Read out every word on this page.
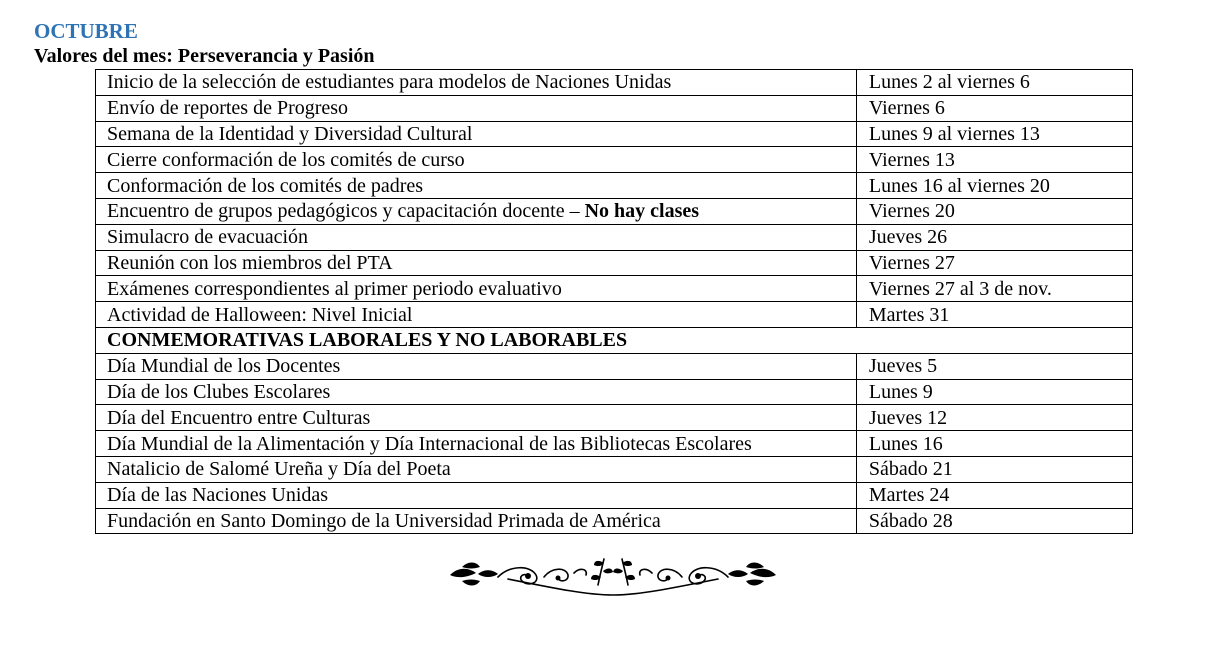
OCTUBRE

Valores del mes: Perseverancia y Pasión

Inicio de la selección de estudiantes para modelos de Naciones Unidas	Lunes 2 al viernes 6
Envío de reportes de Progreso	Viernes 6
Semana de la Identidad y Diversidad Cultural	Lunes 9 al viernes 13
Cierre conformación de los comités de curso	Viernes 13
Conformación de los comités de padres	Lunes 16 al viernes 20
Encuentro de grupos pedagógicos y capacitación docente – No hay clases	Viernes 20
Simulacro de evacuación	Jueves 26
Reunión con los miembros del PTA	Viernes 27
Exámenes correspondientes al primer periodo evaluativo	Viernes 27 al 3 de nov.
Actividad de Halloween: Nivel Inicial	Martes 31
CONMEMORATIVAS LABORALES Y NO LABORABLES	
Día Mundial de los Docentes	Jueves 5
Día de los Clubes Escolares	Lunes 9
Día del Encuentro entre Culturas	Jueves 12
Día Mundial de la Alimentación y Día Internacional de las Bibliotecas Escolares	Lunes 16
Natalicio de Salomé Ureña y Día del Poeta	Sábado 21
Día de las Naciones Unidas	Martes 24
Fundación en Santo Domingo de la Universidad Primada de América	Sábado 28
